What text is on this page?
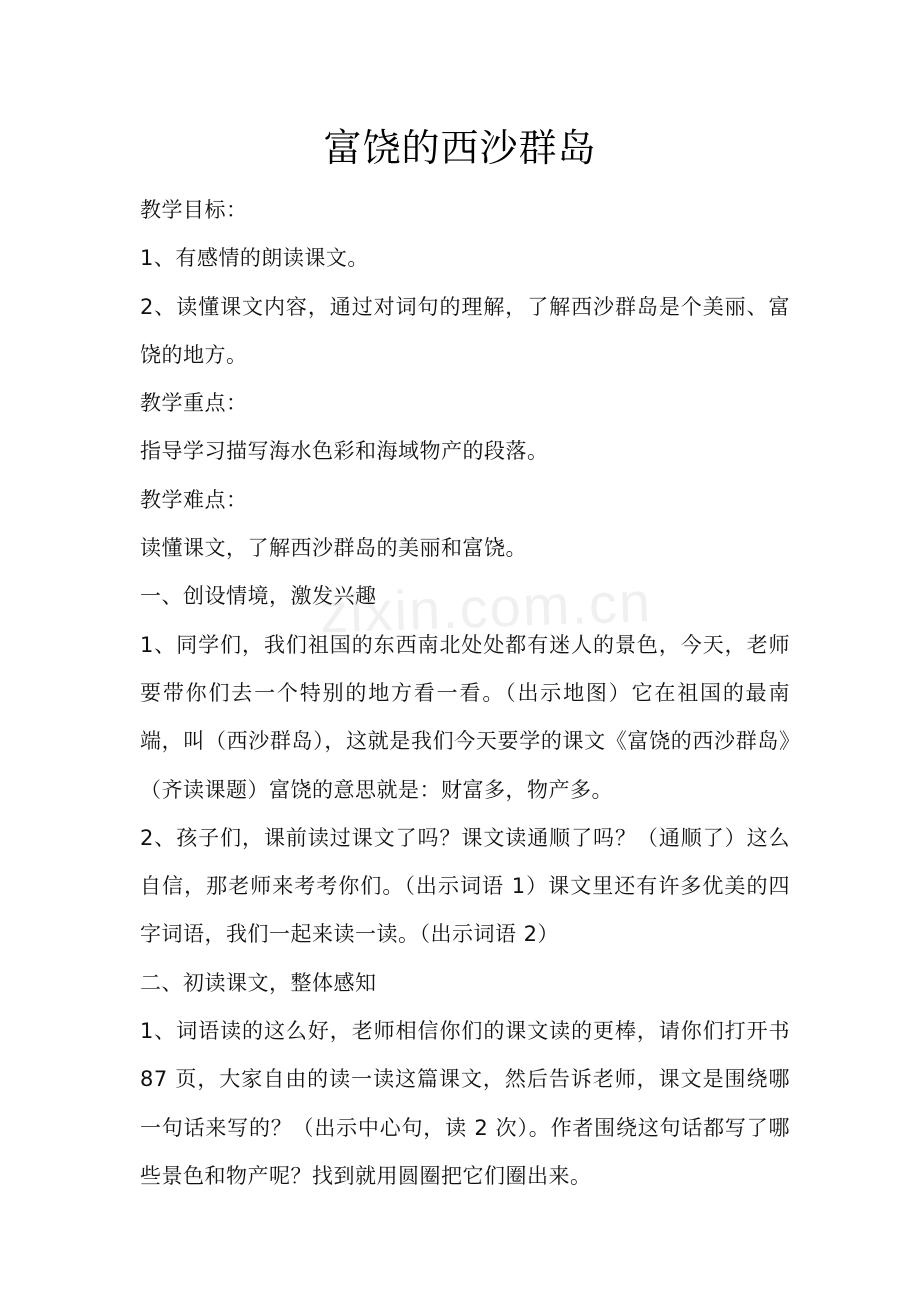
zixin.com.cn
富饶的西沙群岛

教学目标：

1、有感情的朗读课文。

2、读懂课文内容，通过对词句的理解，了解西沙群岛是个美丽、富饶的地方。

教学重点：

指导学习描写海水色彩和海域物产的段落。

教学难点：

读懂课文，了解西沙群岛的美丽和富饶。

一、创设情境，激发兴趣

1、同学们，我们祖国的东西南北处处都有迷人的景色，今天，老师要带你们去一个特别的地方看一看。（出示地图）它在祖国的最南端，叫（西沙群岛），这就是我们今天要学的课文《富饶的西沙群岛》（齐读课题）富饶的意思就是：财富多，物产多。

2、孩子们，课前读过课文了吗？课文读通顺了吗？（通顺了）这么自信，那老师来考考你们。（出示词语 1）课文里还有许多优美的四字词语，我们一起来读一读。（出示词语 2）

二、初读课文，整体感知

1、词语读的这么好，老师相信你们的课文读的更棒，请你们打开书 87 页，大家自由的读一读这篇课文，然后告诉老师，课文是围绕哪一句话来写的？（出示中心句，读 2 次）。作者围绕这句话都写了哪些景色和物产呢？找到就用圆圈把它们圈出来。
